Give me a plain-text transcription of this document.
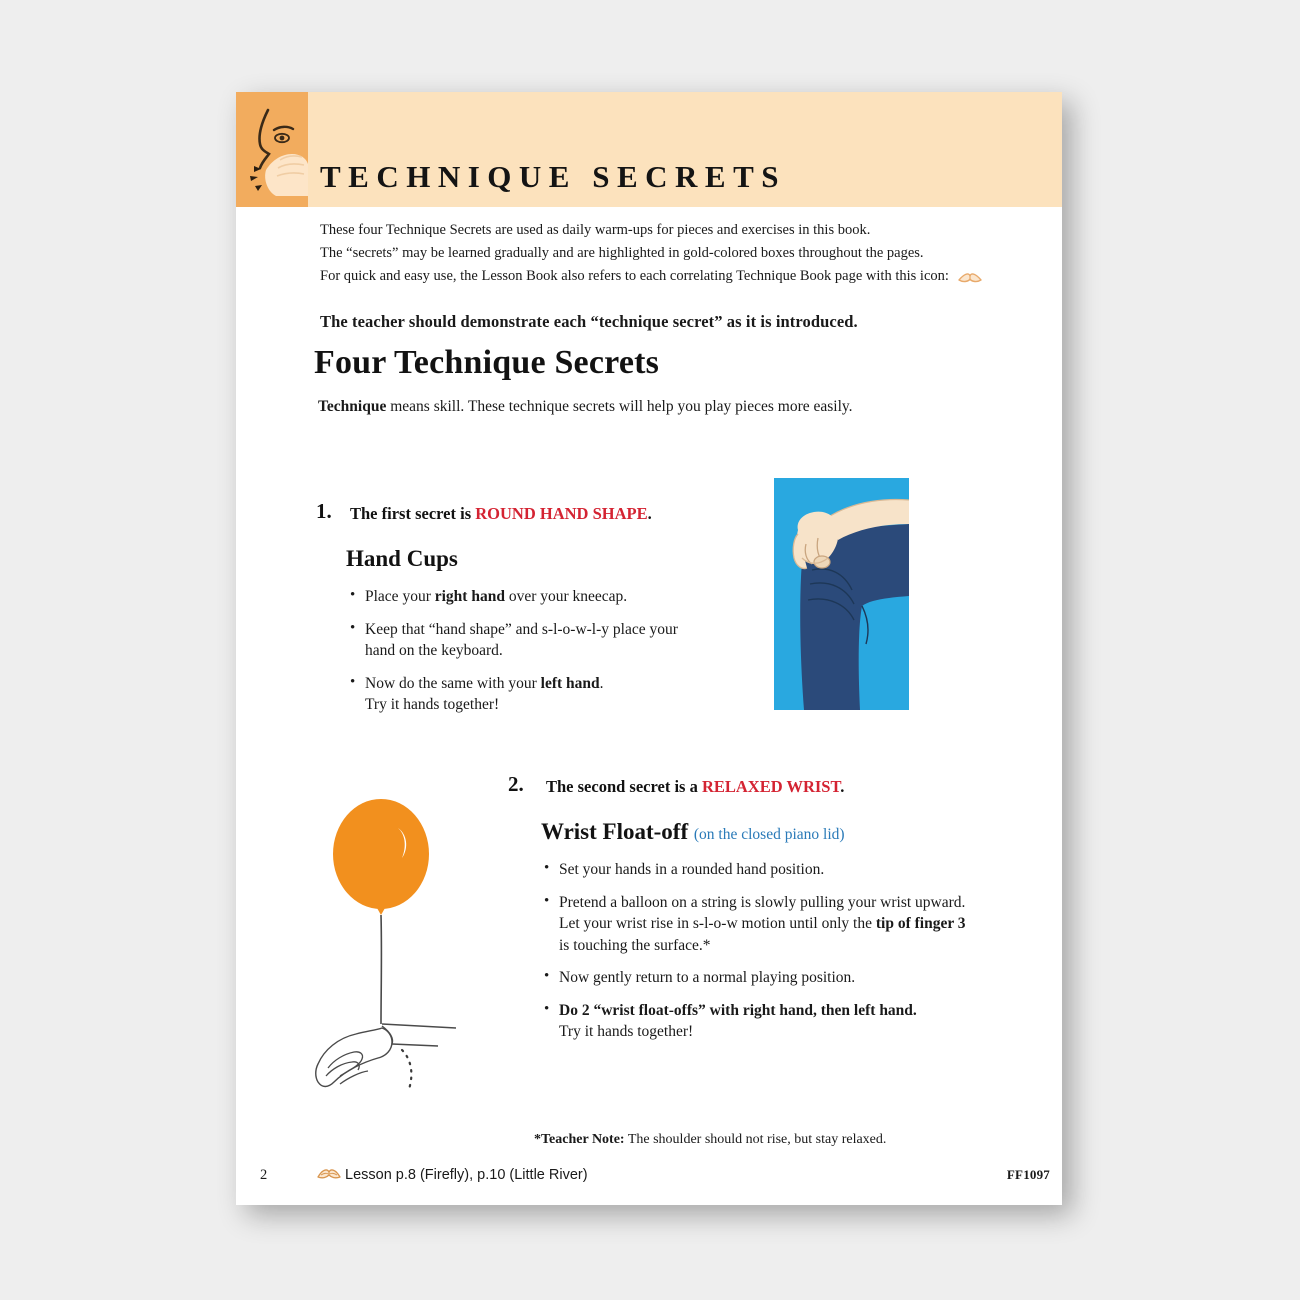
TECHNIQUE SECRETS

These four Technique Secrets are used as daily warm-ups for pieces and exercises in this book.

The “secrets” may be learned gradually and are highlighted in gold-colored boxes throughout the pages.

For quick and easy use, the Lesson Book also refers to each correlating Technique Book page with this icon:

The teacher should demonstrate each “technique secret” as it is introduced.

Four Technique Secrets
Technique means skill. These technique secrets will help you play pieces more easily.
1. The first secret is ROUND HAND SHAPE.
Hand Cups
• Place your right hand over your kneecap.
• Keep that “hand shape” and s-l-o-w-l-y place your hand on the keyboard.
• Now do the same with your left hand.
Try it hands together!
2. The second secret is a RELAXED WRIST.
Wrist Float-off (on the closed piano lid)
• Set your hands in a rounded hand position.
• Pretend a balloon on a string is slowly pulling your wrist upward. Let your wrist rise in s-l-o-w motion until only the tip of finger 3 is touching the surface.*
• Now gently return to a normal playing position.
• Do 2 “wrist float-offs” with right hand, then left hand.
Try it hands together!
*Teacher Note: The shoulder should not rise, but stay relaxed.
2	Lesson p.8 (Firefly), p.10 (Little River)	FF1097
